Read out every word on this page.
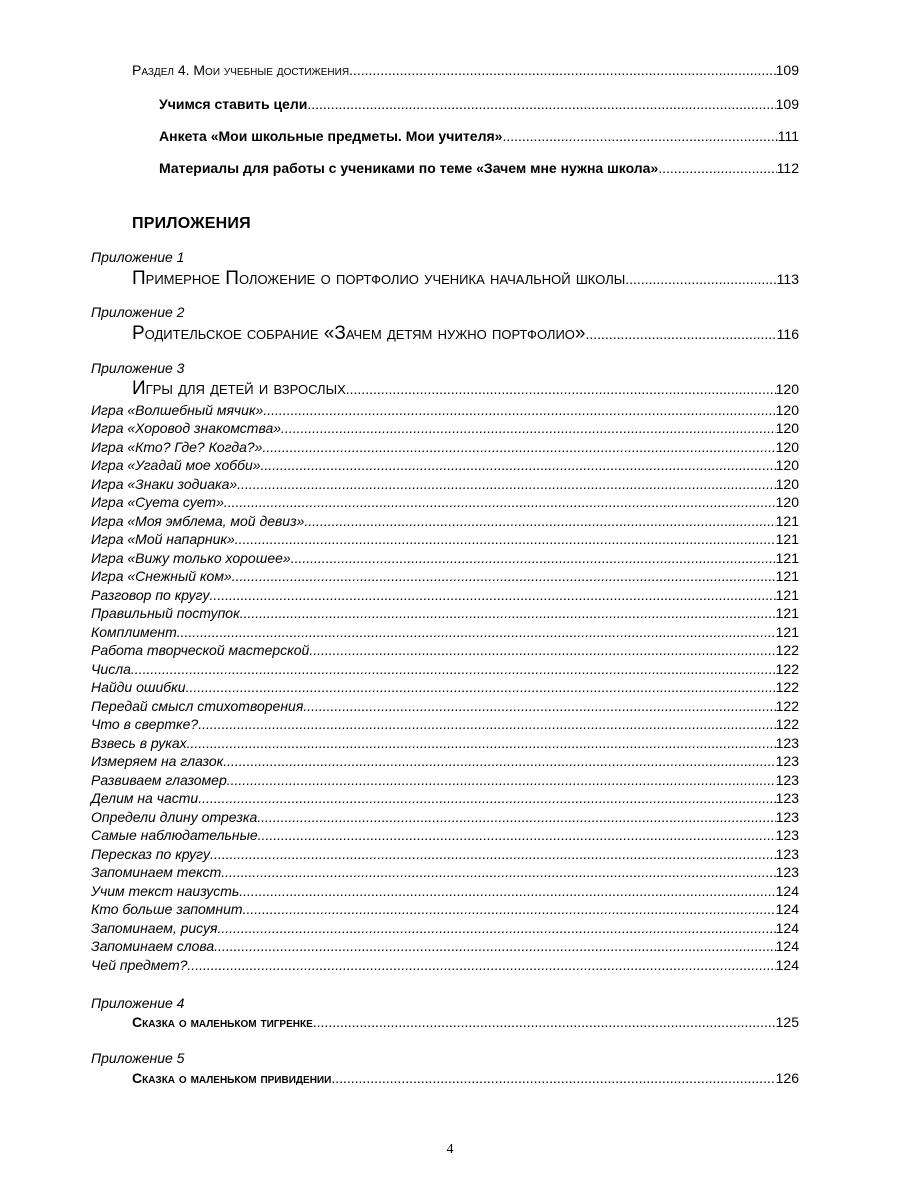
Раздел 4. Мои учебные достижения .....	109
Учимся ставить цели .....	109
Анкета «Мои школьные предметы. Мои учителя» .....	111
Материалы для работы с учениками по теме «Зачем мне нужна школа» .....	112
ПРИЛОЖЕНИЯ
Приложение 1
Примерное Положение о портфолио ученика начальной школы .....	113
Приложение 2
Родительское собрание «Зачем детям нужно портфолио» .....	116
Приложение 3
Игры для детей и взрослых .....	120
Игра «Волшебный мячик» .....	120
Игра «Хоровод знакомства» .....	120
Игра «Кто? Где? Когда?» .....	120
Игра «Угадай мое хобби» .....	120
Игра «Знаки зодиака» .....	120
Игра «Суета сует» .....	120
Игра «Моя эмблема, мой девиз» .....	121
Игра «Мой напарник» .....	121
Игра «Вижу только хорошее» .....	121
Игра «Снежный ком» .....	121
Разговор по кругу .....	121
Правильный поступок .....	121
Комплимент .....	121
Работа творческой мастерской .....	122
Числа .....	122
Найди ошибки .....	122
Передай смысл стихотворения .....	122
Что в свертке? .....	122
Взвесь в руках .....	123
Измеряем на глазок .....	123
Развиваем глазомер .....	123
Делим на части .....	123
Определи длину отрезка .....	123
Самые наблюдательные .....	123
Пересказ по кругу .....	123
Запоминаем текст .....	123
Учим текст наизусть .....	124
Кто больше запомнит .....	124
Запоминаем, рисуя .....	124
Запоминаем слова .....	124
Чей предмет? .....	124
Приложение 4
Сказка о маленьком тигренке .....	125
Приложение 5
Сказка о маленьком привидении .....	126
4
